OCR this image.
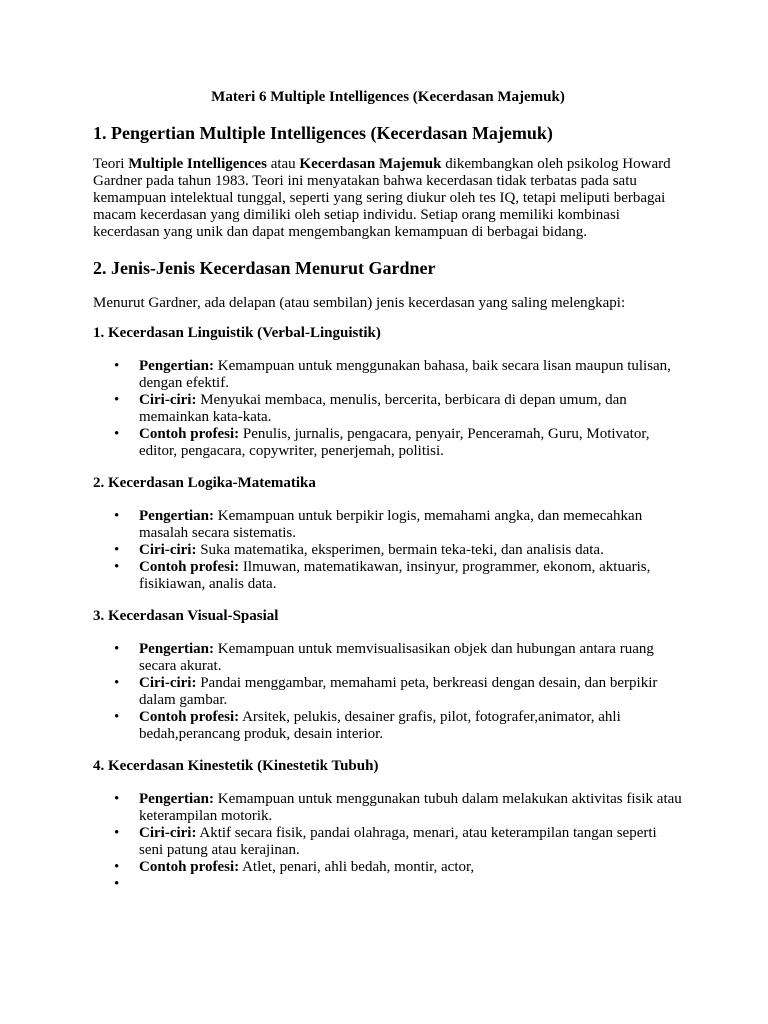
Materi 6 Multiple Intelligences (Kecerdasan Majemuk)
1. Pengertian Multiple Intelligences (Kecerdasan Majemuk)

Teori Multiple Intelligences atau Kecerdasan Majemuk dikembangkan oleh psikolog Howard Gardner pada tahun 1983. Teori ini menyatakan bahwa kecerdasan tidak terbatas pada satu kemampuan intelektual tunggal, seperti yang sering diukur oleh tes IQ, tetapi meliputi berbagai macam kecerdasan yang dimiliki oleh setiap individu. Setiap orang memiliki kombinasi kecerdasan yang unik dan dapat mengembangkan kemampuan di berbagai bidang.

2. Jenis-Jenis Kecerdasan Menurut Gardner

Menurut Gardner, ada delapan (atau sembilan) jenis kecerdasan yang saling melengkapi:

1. Kecerdasan Linguistik (Verbal-Linguistik)
• Pengertian: Kemampuan untuk menggunakan bahasa, baik secara lisan maupun tulisan, dengan efektif.
• Ciri-ciri: Menyukai membaca, menulis, bercerita, berbicara di depan umum, dan memainkan kata-kata.
• Contoh profesi: Penulis, jurnalis, pengacara, penyair, Penceramah, Guru, Motivator, editor, pengacara, copywriter, penerjemah, politisi.
2. Kecerdasan Logika-Matematika
• Pengertian: Kemampuan untuk berpikir logis, memahami angka, dan memecahkan masalah secara sistematis.
• Ciri-ciri: Suka matematika, eksperimen, bermain teka-teki, dan analisis data.
• Contoh profesi: Ilmuwan, matematikawan, insinyur, programmer, ekonom, aktuaris, fisikiawan, analis data.
3. Kecerdasan Visual-Spasial
• Pengertian: Kemampuan untuk memvisualisasikan objek dan hubungan antara ruang secara akurat.
• Ciri-ciri: Pandai menggambar, memahami peta, berkreasi dengan desain, dan berpikir dalam gambar.
• Contoh profesi: Arsitek, pelukis, desainer grafis, pilot, fotografer,animator, ahli bedah,perancang produk, desain interior.
4. Kecerdasan Kinestetik (Kinestetik Tubuh)
• Pengertian: Kemampuan untuk menggunakan tubuh dalam melakukan aktivitas fisik atau keterampilan motorik.
• Ciri-ciri: Aktif secara fisik, pandai olahraga, menari, atau keterampilan tangan seperti seni patung atau kerajinan.
• Contoh profesi: Atlet, penari, ahli bedah, montir, actor,
•
